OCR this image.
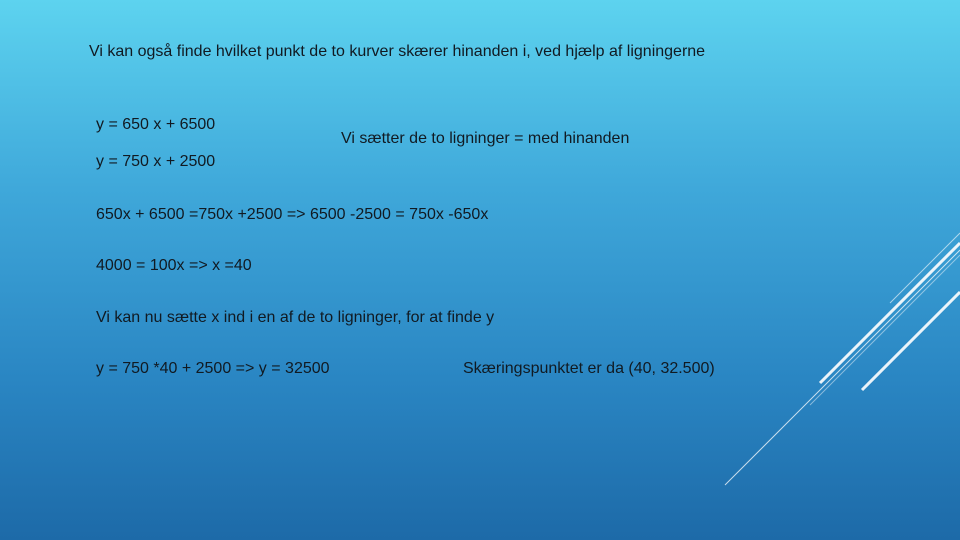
Vi kan også finde hvilket punkt de to kurver skærer hinanden i, ved hjælp af ligningerne
y = 650 x + 6500
Vi sætter de to ligninger = med hinanden
y = 750 x + 2500
650x + 6500 =750x +2500 => 6500 -2500 = 750x -650x
4000 = 100x => x =40
Vi kan nu sætte x ind i en af de to ligninger, for at finde y
y = 750 *40 + 2500 => y = 32500	Skæringspunktet er da (40, 32.500)
